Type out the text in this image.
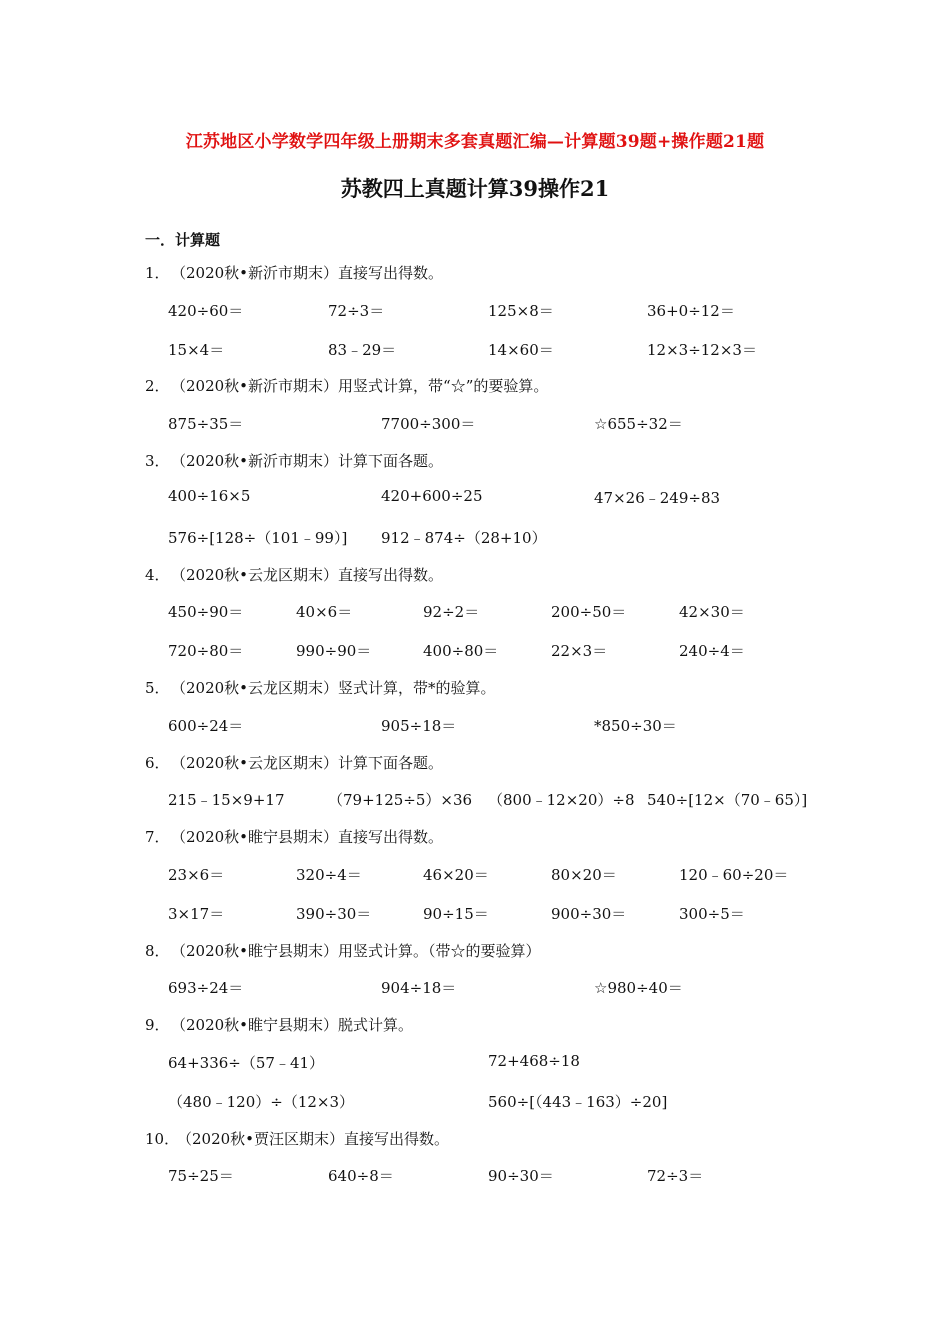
江苏地区小学数学四年级上册期末多套真题汇编—计算题39题+操作题21题
苏教四上真题计算39操作21
一．计算题
1．（2020秋•新沂市期末）直接写出得数。
420÷60＝	72÷3＝	125×8＝	36+0÷12＝
15×4＝	83﹣29＝	14×60＝	12×3÷12×3＝
2．（2020秋•新沂市期末）用竖式计算，带“☆”的要验算。
875÷35＝	7700÷300＝	☆655÷32＝
3．（2020秋•新沂市期末）计算下面各题。
400÷16×5	420+600÷25	47×26﹣249÷83
576÷[128÷（101﹣99）] 912﹣874÷（28+10）
4．（2020秋•云龙区期末）直接写出得数。
450÷90＝	40×6＝	92÷2＝	200÷50＝	42×30＝
720÷80＝	990÷90＝	400÷80＝	22×3＝	240÷4＝
5．（2020秋•云龙区期末）竖式计算，带*的验算。
600÷24＝	905÷18＝	*850÷30＝
6．（2020秋•云龙区期末）计算下面各题。
215﹣15×9+17	（79+125÷5）×36 （800﹣12×20）÷8 540÷[12×（70﹣65）]
7．（2020秋•睢宁县期末）直接写出得数。
23×6＝	320÷4＝	46×20＝	80×20＝	120﹣60÷20＝
3×17＝	390÷30＝	90÷15＝	900÷30＝	300÷5＝
8．（2020秋•睢宁县期末）用竖式计算。（带☆的要验算）
693÷24＝	904÷18＝	☆980÷40＝
9．（2020秋•睢宁县期末）脱式计算。
64+336÷（57﹣41）	72+468÷18
（480﹣120）÷（12×3）	560÷[（443﹣163）÷20]
10．（2020秋•贾汪区期末）直接写出得数。
75÷25＝	640÷8＝	90÷30＝	72÷3＝
